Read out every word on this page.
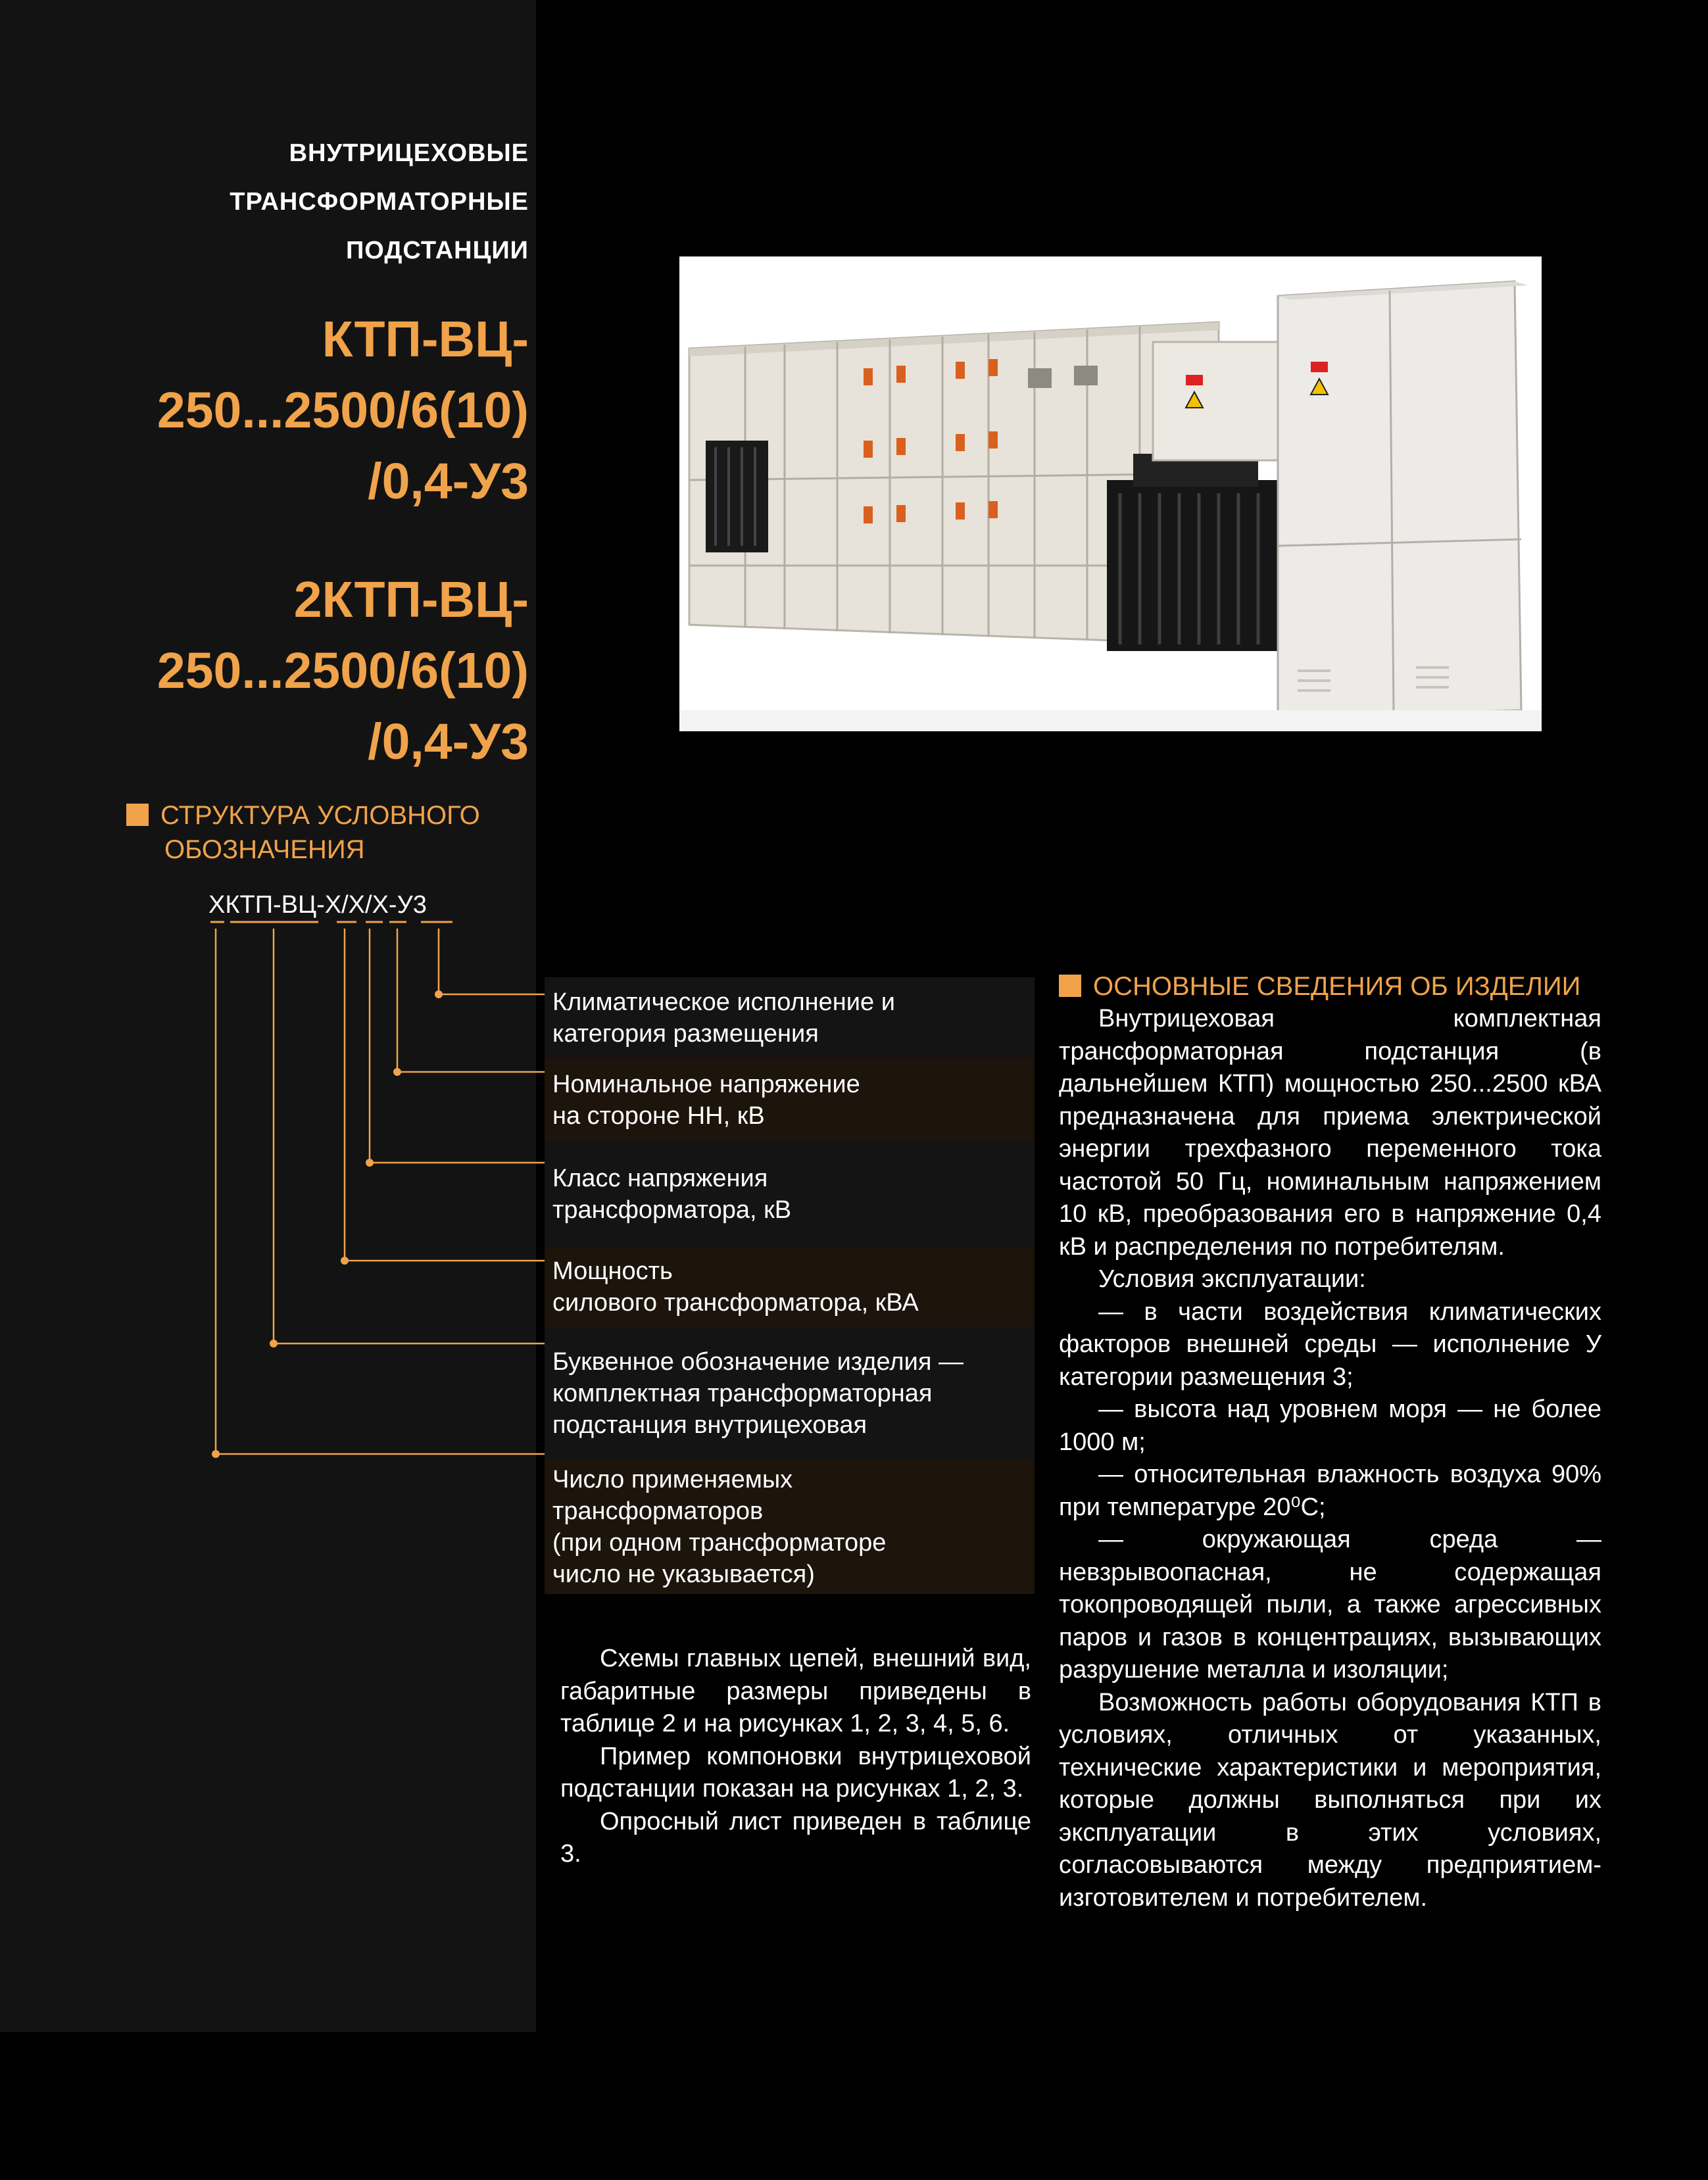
ВНУТРИЦЕХОВЫЕ
ТРАНСФОРМАТОРНЫЕ
ПОДСТАНЦИИ
КТП-ВЦ-
250...2500/6(10)
/0,4-У3
2КТП-ВЦ-
250...2500/6(10)
/0,4-У3
СТРУКТУРА УСЛОВНОГО
ОБОЗНАЧЕНИЯ
ХКТП-ВЦ-Х/Х/Х-У3
Климатическое исполнение и
категория размещения
Номинальное напряжение
на стороне НН, кВ
Класс напряжения
трансформатора, кВ
Мощность
силового трансформатора, кВА
Буквенное обозначение изделия —
комплектная трансформаторная
подстанция внутрицеховая
Число применяемых
трансформаторов
(при одном трансформаторе
число не указывается)

Схемы главных цепей, внешний вид, габаритные размеры приведены в таблице 2 и на рисунках 1, 2, 3, 4, 5, 6.

Пример компоновки внутрицеховой подстанции показан на рисунках 1, 2, 3.

Опросный лист приведен в таблице 3.

ОСНОВНЫЕ СВЕДЕНИЯ ОБ ИЗДЕЛИИ

Внутрицеховая комплектная трансформаторная подстанция (в дальнейшем КТП) мощностью 250...2500 кВА предназначена для приема электрической энергии трехфазного переменного тока частотой 50 Гц, номинальным напряжением 10 кВ, преобразования его в напряжение 0,4 кВ и распределения по потребителям.

Условия эксплуатации:

— в части воздействия климатических факторов внешней среды — исполнение У категории размещения 3;

— высота над уровнем моря — не более 1000 м;

— относительная влажность воздуха 90% при температуре 20⁰С;

— окружающая среда — невзрывоопасная, не содержащая токопроводящей пыли, а также агрессивных паров и газов в концентрациях, вызывающих разрушение металла и изоляции;

Возможность работы оборудования КТП в условиях, отличных от указанных, технические характеристики и мероприятия, которые должны выполняться при их эксплуатации в этих условиях, согласовываются между предприятием-изготовителем и потребителем.
